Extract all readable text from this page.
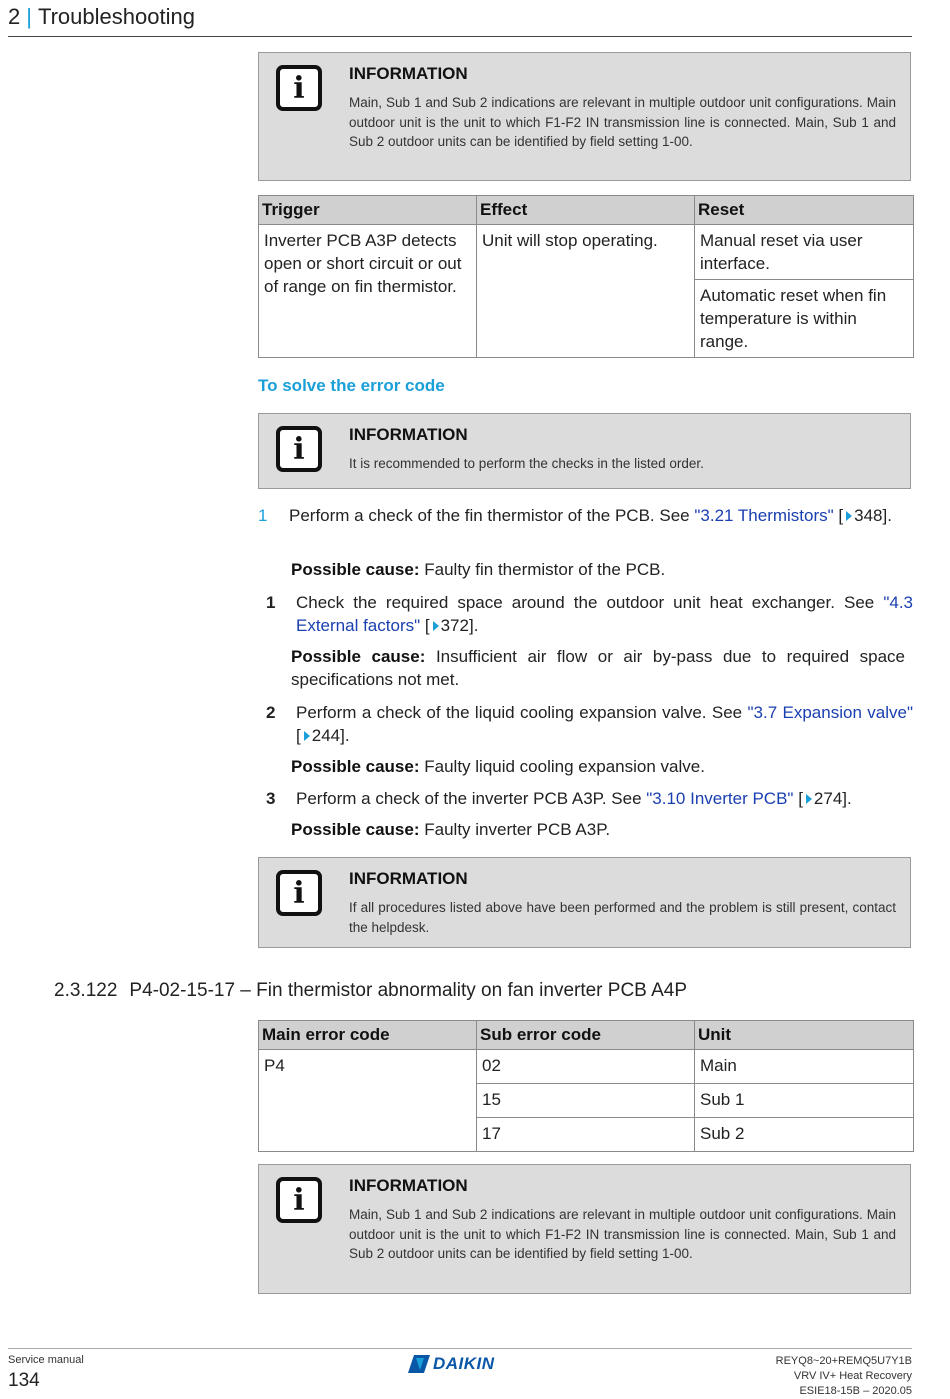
2 | Troubleshooting
i	INFORMATION
Main, Sub 1 and Sub 2 indications are relevant in multiple outdoor unit configurations. Main outdoor unit is the unit to which F1-F2 IN transmission line is connected. Main, Sub 1 and Sub 2 outdoor units can be identified by field setting 1-00.
Trigger	Effect	Reset
Inverter PCB A3P detects open or short circuit or out of range on fin thermistor.	Unit will stop operating.	Manual reset via user interface.
		Automatic reset when fin temperature is within range.
To solve the error code
i	INFORMATION
It is recommended to perform the checks in the listed order.
1 Perform a check of the fin thermistor of the PCB. See "3.21 Thermistors" [ 348].
Possible cause: Faulty fin thermistor of the PCB.
1 Check the required space around the outdoor unit heat exchanger. See "4.3 External factors" [ 372].
Possible cause: Insufficient air flow or air by-pass due to required space specifications not met.
2 Perform a check of the liquid cooling expansion valve. See "3.7 Expansion valve" [ 244].
Possible cause: Faulty liquid cooling expansion valve.
3 Perform a check of the inverter PCB A3P. See "3.10 Inverter PCB" [ 274].
Possible cause: Faulty inverter PCB A3P.
i	INFORMATION
If all procedures listed above have been performed and the problem is still present, contact the helpdesk.
2.3.122 P4-02-15-17 – Fin thermistor abnormality on fan inverter PCB A4P
Main error code	Sub error code	Unit
P4	02	Main
	15	Sub 1
	17	Sub 2
i	INFORMATION
Main, Sub 1 and Sub 2 indications are relevant in multiple outdoor unit configurations. Main outdoor unit is the unit to which F1-F2 IN transmission line is connected. Main, Sub 1 and Sub 2 outdoor units can be identified by field setting 1-00.
Service manual
134
DAIKIN	REYQ8~20+REMQ5U7Y1B
VRV IV+ Heat Recovery
ESIE18-15B – 2020.05
